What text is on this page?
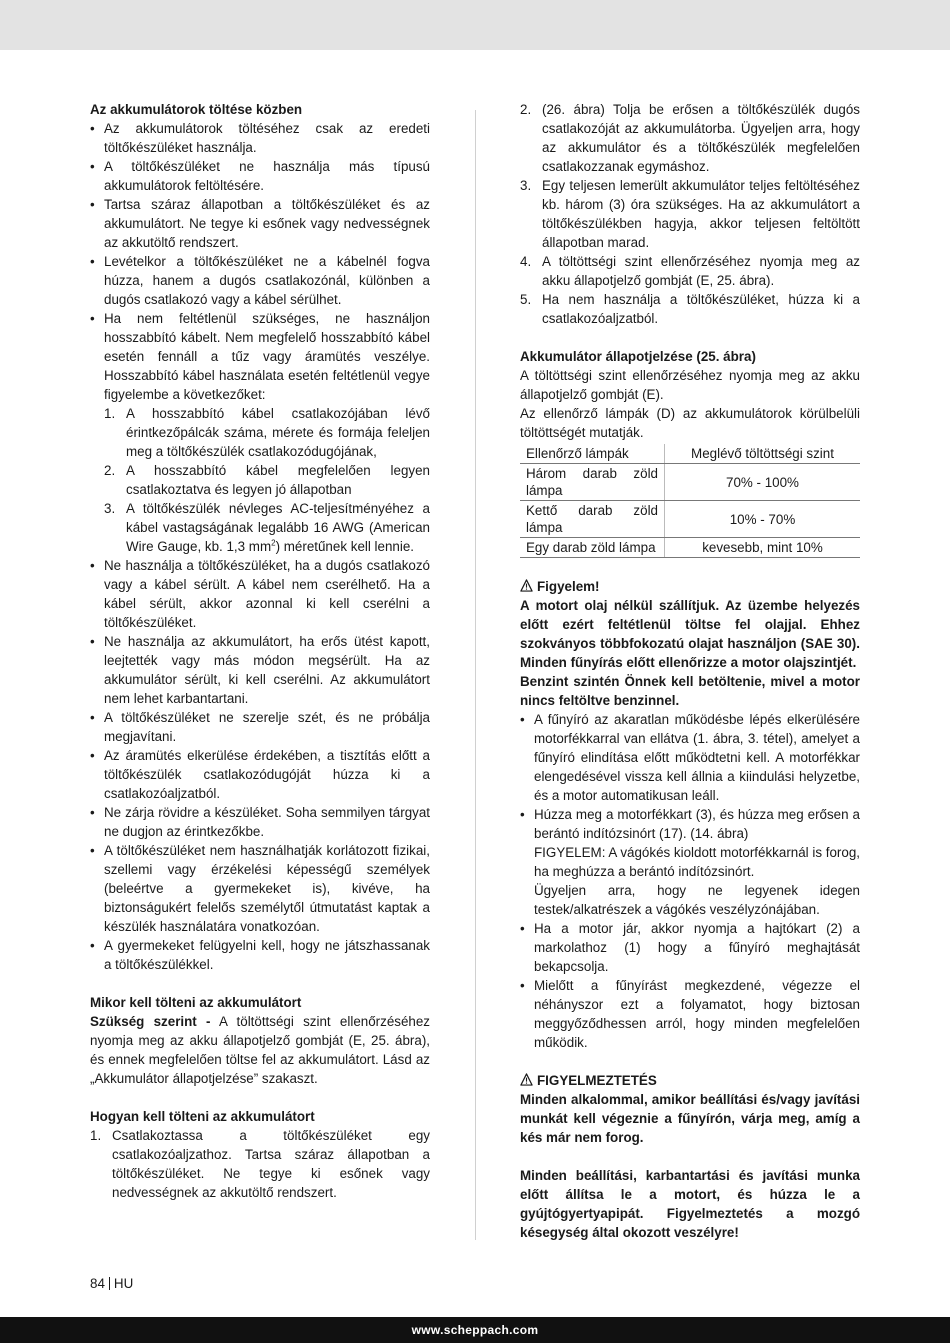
Az akkumulátorok töltése közben
• Az akkumulátorok töltéséhez csak az eredeti töltőkészüléket használja.
• A töltőkészüléket ne használja más típusú akkumulátorok feltöltésére.
• Tartsa száraz állapotban a töltőkészüléket és az akkumulátort. Ne tegye ki esőnek vagy nedvességnek az akkutöltő rendszert.
• Levételkor a töltőkészüléket ne a kábelnél fogva húzza, hanem a dugós csatlakozónál, különben a dugós csatlakozó vagy a kábel sérülhet.
• Ha nem feltétlenül szükséges, ne használjon hosszabbító kábelt. Nem megfelelő hosszabbító kábel esetén fennáll a tűz vagy áramütés veszélye. Hosszabbító kábel használata esetén feltétlenül vegye figyelembe a következőket:
1. A hosszabbító kábel csatlakozójában lévő érintkezőpálcák száma, mérete és formája feleljen meg a töltőkészülék csatlakozódugójának,
2. A hosszabbító kábel megfelelően legyen csatlakoztatva és legyen jó állapotban
3. A töltőkészülék névleges AC-teljesítményéhez a kábel vastagságának legalább 16 AWG (American Wire Gauge, kb. 1,3 $mm^2$) méretűnek kell lennie.
• Ne használja a töltőkészüléket, ha a dugós csatlakozó vagy a kábel sérült. A kábel nem cserélhető. Ha a kábel sérült, akkor azonnal ki kell cserélni a töltőkészüléket.
• Ne használja az akkumulátort, ha erős ütést kapott, leejtették vagy más módon megsérült. Ha az akkumulátor sérült, ki kell cserélni. Az akkumulátort nem lehet karbantartani.
• A töltőkészüléket ne szerelje szét, és ne próbálja megjavítani.
• Az áramütés elkerülése érdekében, a tisztítás előtt a töltőkészülék csatlakozódugóját húzza ki a csatlakozóaljzatból.
• Ne zárja rövidre a készüléket. Soha semmilyen tárgyat ne dugjon az érintkezőkbe.
• A töltőkészüléket nem használhatják korlátozott fizikai, szellemi vagy érzékelési képességű személyek (beleértve a gyermekeket is), kivéve, ha biztonságukért felelős személytől útmutatást kaptak a készülék használatára vonatkozóan.
• A gyermekeket felügyelni kell, hogy ne játszhassanak a töltőkészülékkel.
Mikor kell tölteni az akkumulátort

Szükség szerint - A töltöttségi szint ellenőrzéséhez nyomja meg az akku állapotjelző gombját (E, 25. ábra), és ennek megfelelően töltse fel az akkumulátort. Lásd az „Akkumulátor állapotjelzése” szakaszt.

Hogyan kell tölteni az akkumulátort
1. Csatlakoztassa a töltőkészüléket egy csatlakozóaljzathoz. Tartsa száraz állapotban a töltőkészüléket. Ne tegye ki esőnek vagy nedvességnek az akkutöltő rendszert.
2. (26. ábra) Tolja be erősen a töltőkészülék dugós csatlakozóját az akkumulátorba. Ügyeljen arra, hogy az akkumulátor és a töltőkészülék megfelelően csatlakozzanak egymáshoz.
3. Egy teljesen lemerült akkumulátor teljes feltöltéséhez kb. három (3) óra szükséges. Ha az akkumulátort a töltőkészülékben hagyja, akkor teljesen feltöltött állapotban marad.
4. A töltöttségi szint ellenőrzéséhez nyomja meg az akku állapotjelző gombját (E, 25. ábra).
5. Ha nem használja a töltőkészüléket, húzza ki a csatlakozóaljzatból.
Akkumulátor állapotjelzése (25. ábra)

A töltöttségi szint ellenőrzéséhez nyomja meg az akku állapotjelző gombját (E).

Az ellenőrző lámpák (D) az akkumulátorok körülbelüli töltöttségét mutatják.

Ellenőrző lámpák	Meglévő töltöttségi szint
Három darab zöld lámpa	70% - 100%
Kettő darab zöld lámpa	10% - 70%
Egy darab zöld lámpa	kevesebb, mint 10%
Figyelem!

A motort olaj nélkül szállítjuk. Az üzembe helyezés előtt ezért feltétlenül töltse fel olajjal. Ehhez szokványos többfokozatú olajat használjon (SAE 30). Minden fűnyírás előtt ellenőrizze a motor olajszintjét.

Benzint szintén Önnek kell betöltenie, mivel a motor nincs feltöltve benzinnel.

• A fűnyíró az akaratlan működésbe lépés elkerülésére motorfékkarral van ellátva (1. ábra, 3. tétel), amelyet a fűnyíró elindítása előtt működtetni kell. A motorfékkar elengedésével vissza kell állnia a kiindulási helyzetbe, és a motor automatikusan leáll.
• Húzza meg a motorfékkart (3), és húzza meg erősen a berántó indítózsinórt (17). (14. ábra)
FIGYELEM: A vágókés kioldott motorfékkarnál is forog, ha meghúzza a berántó indítózsinórt.
Ügyeljen arra, hogy ne legyenek idegen testek/alkatrészek a vágókés veszélyzónájában.
• Ha a motor jár, akkor nyomja a hajtókart (2) a markolathoz (1) hogy a fűnyíró meghajtását bekapcsolja.
• Mielőtt a fűnyírást megkezdené, végezze el néhányszor ezt a folyamatot, hogy biztosan meggyőződhessen arról, hogy minden megfelelően működik.
FIGYELMEZTETÉS

Minden alkalommal, amikor beállítási és/vagy javítási munkát kell végeznie a fűnyírón, várja meg, amíg a kés már nem forog.

Minden beállítási, karbantartási és javítási munka előtt állítsa le a motort, és húzza le a gyújtógyertyapipát. Figyelmeztetés a mozgó késegység által okozott veszélyre!

84 HU
www.scheppach.com
